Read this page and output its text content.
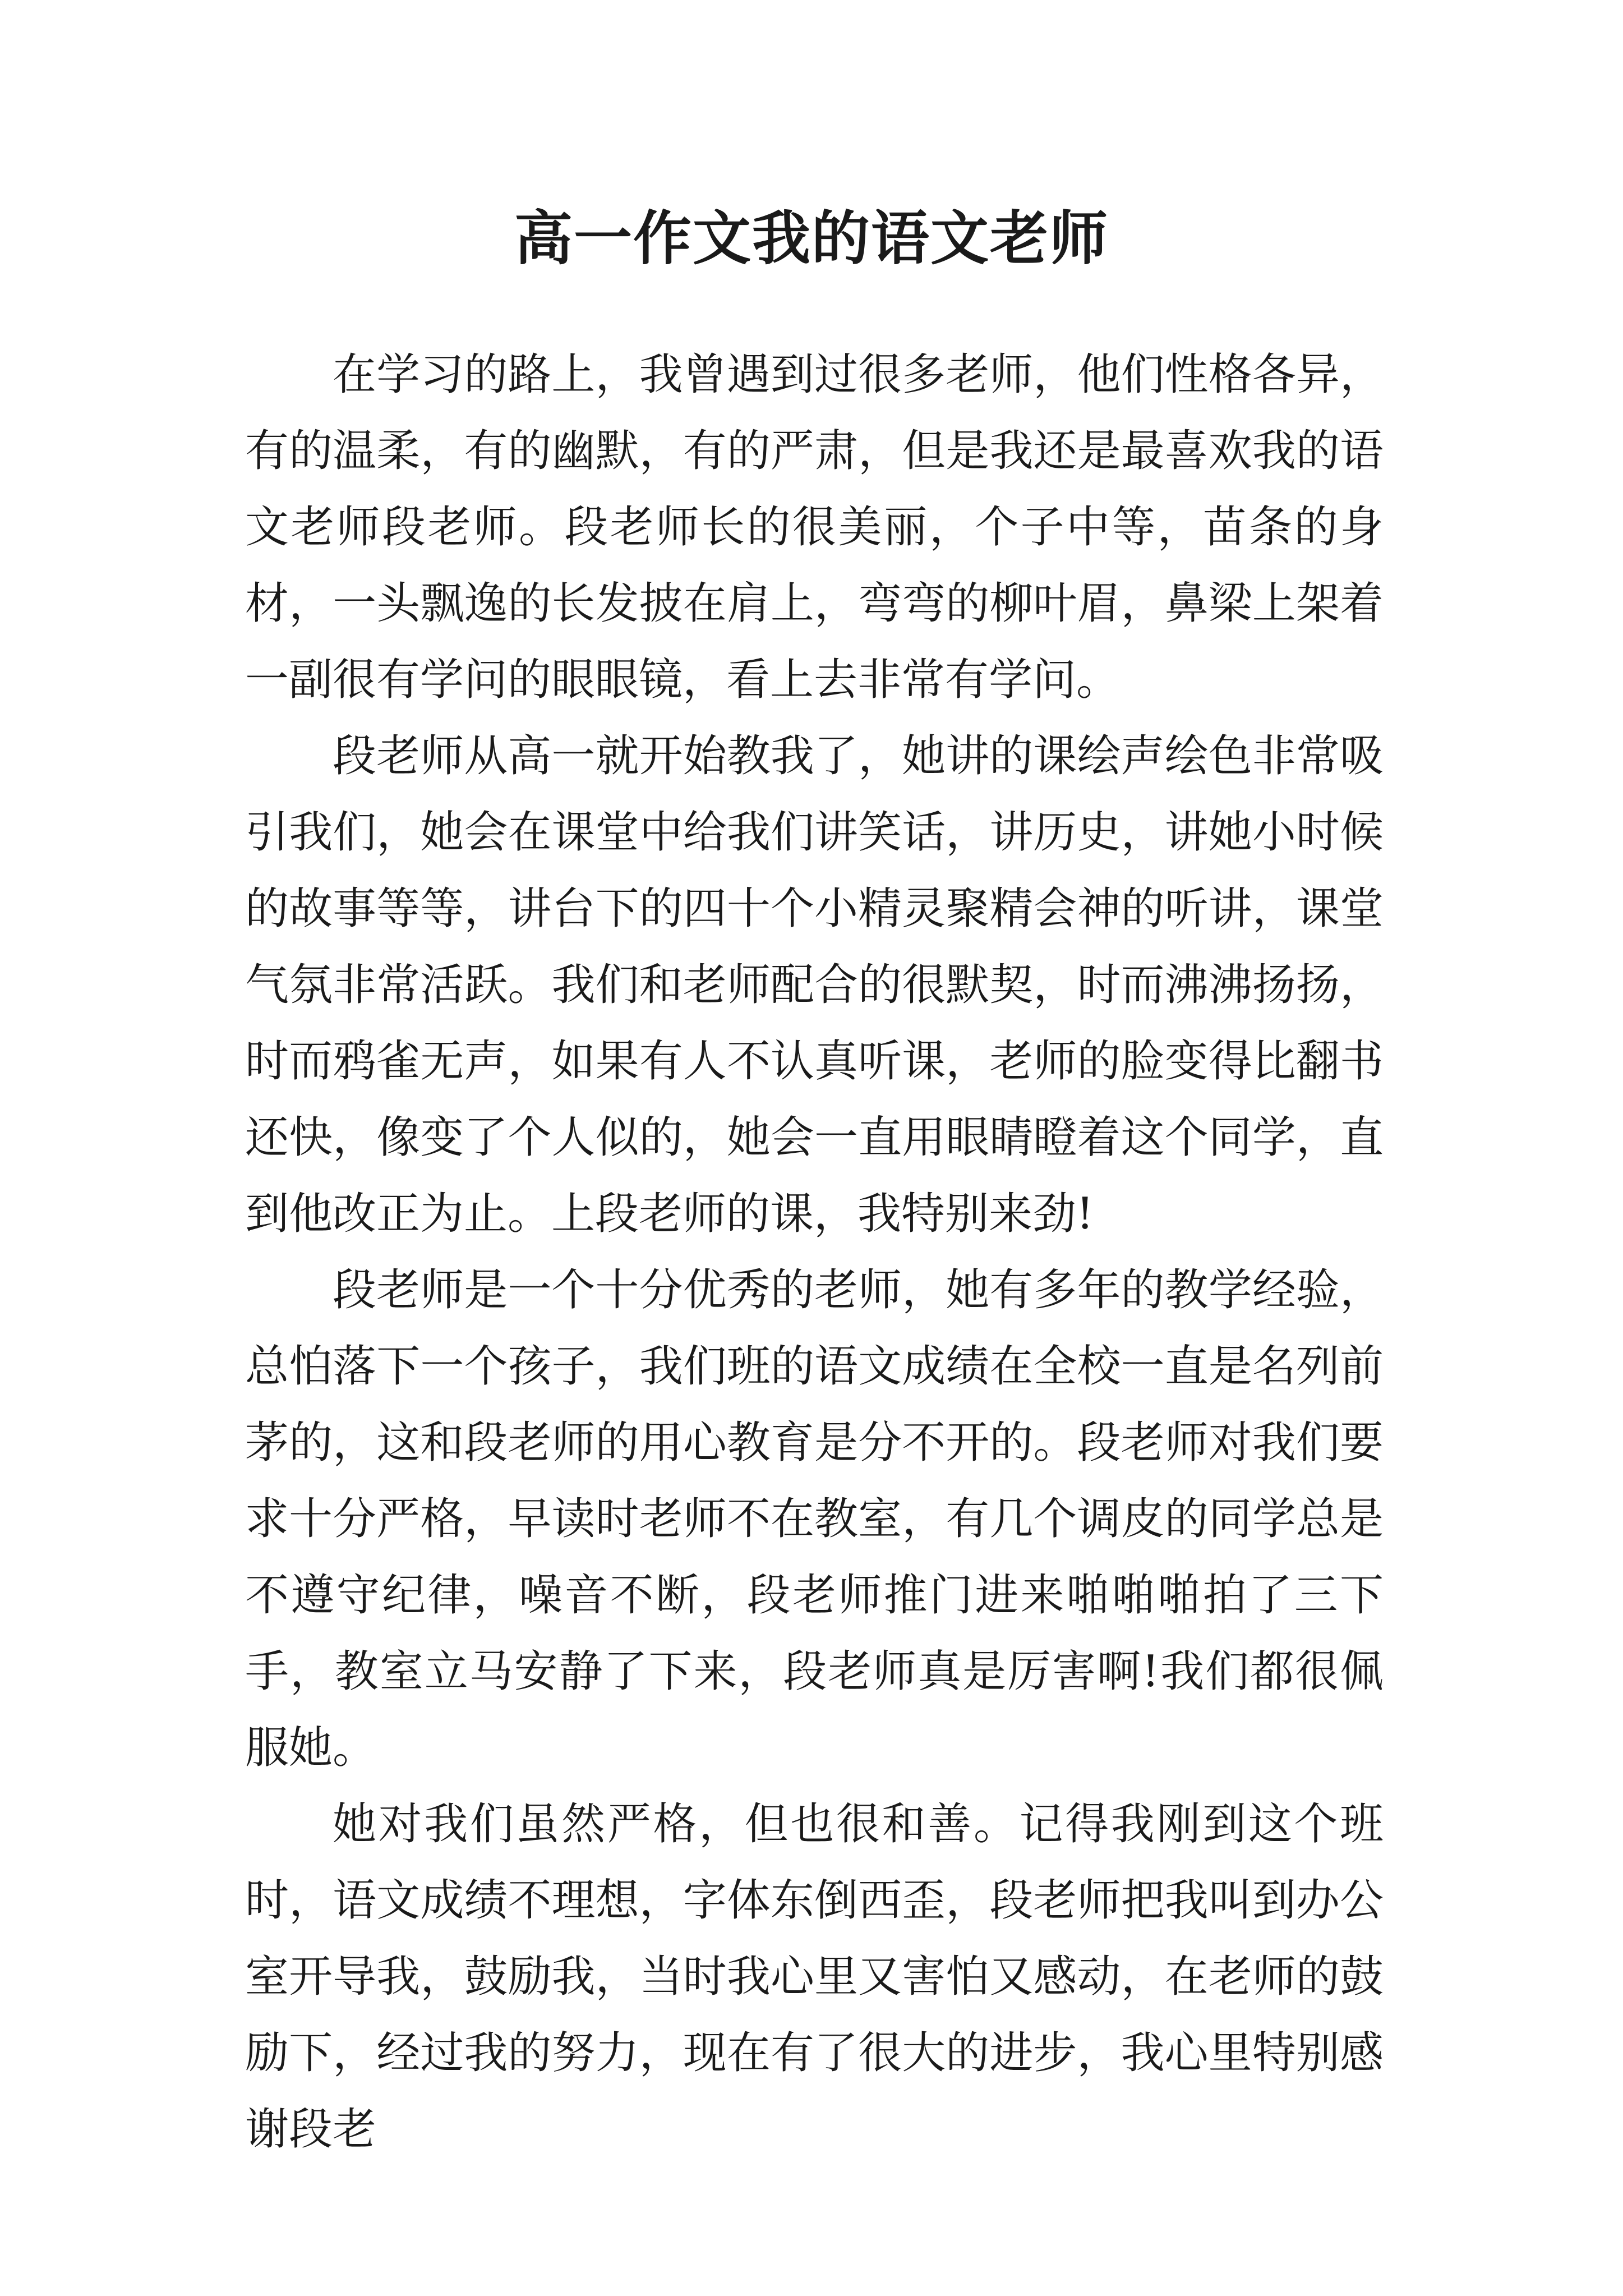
高一作文我的语文老师

在学习的路上，我曾遇到过很多老师，他们性格各异，有的温柔，有的幽默，有的严肃，但是我还是最喜欢我的语文老师段老师。段老师长的很美丽，个子中等，苗条的身材，一头飘逸的长发披在肩上，弯弯的柳叶眉，鼻梁上架着一副很有学问的眼眼镜，看上去非常有学问。

段老师从高一就开始教我了，她讲的课绘声绘色非常吸引我们，她会在课堂中给我们讲笑话，讲历史，讲她小时候的故事等等，讲台下的四十个小精灵聚精会神的听讲，课堂气氛非常活跃。我们和老师配合的很默契，时而沸沸扬扬，时而鸦雀无声，如果有人不认真听课，老师的脸变得比翻书还快，像变了个人似的，她会一直用眼睛瞪着这个同学，直到他改正为止。上段老师的课，我特别来劲!

段老师是一个十分优秀的老师，她有多年的教学经验，总怕落下一个孩子，我们班的语文成绩在全校一直是名列前茅的，这和段老师的用心教育是分不开的。段老师对我们要求十分严格，早读时老师不在教室，有几个调皮的同学总是不遵守纪律，噪音不断，段老师推门进来啪啪啪拍了三下手，教室立马安静了下来，段老师真是厉害啊!我们都很佩服她。

她对我们虽然严格，但也很和善。记得我刚到这个班时，语文成绩不理想，字体东倒西歪，段老师把我叫到办公室开导我，鼓励我，当时我心里又害怕又感动，在老师的鼓励下，经过我的努力，现在有了很大的进步，我心里特别感谢段老
